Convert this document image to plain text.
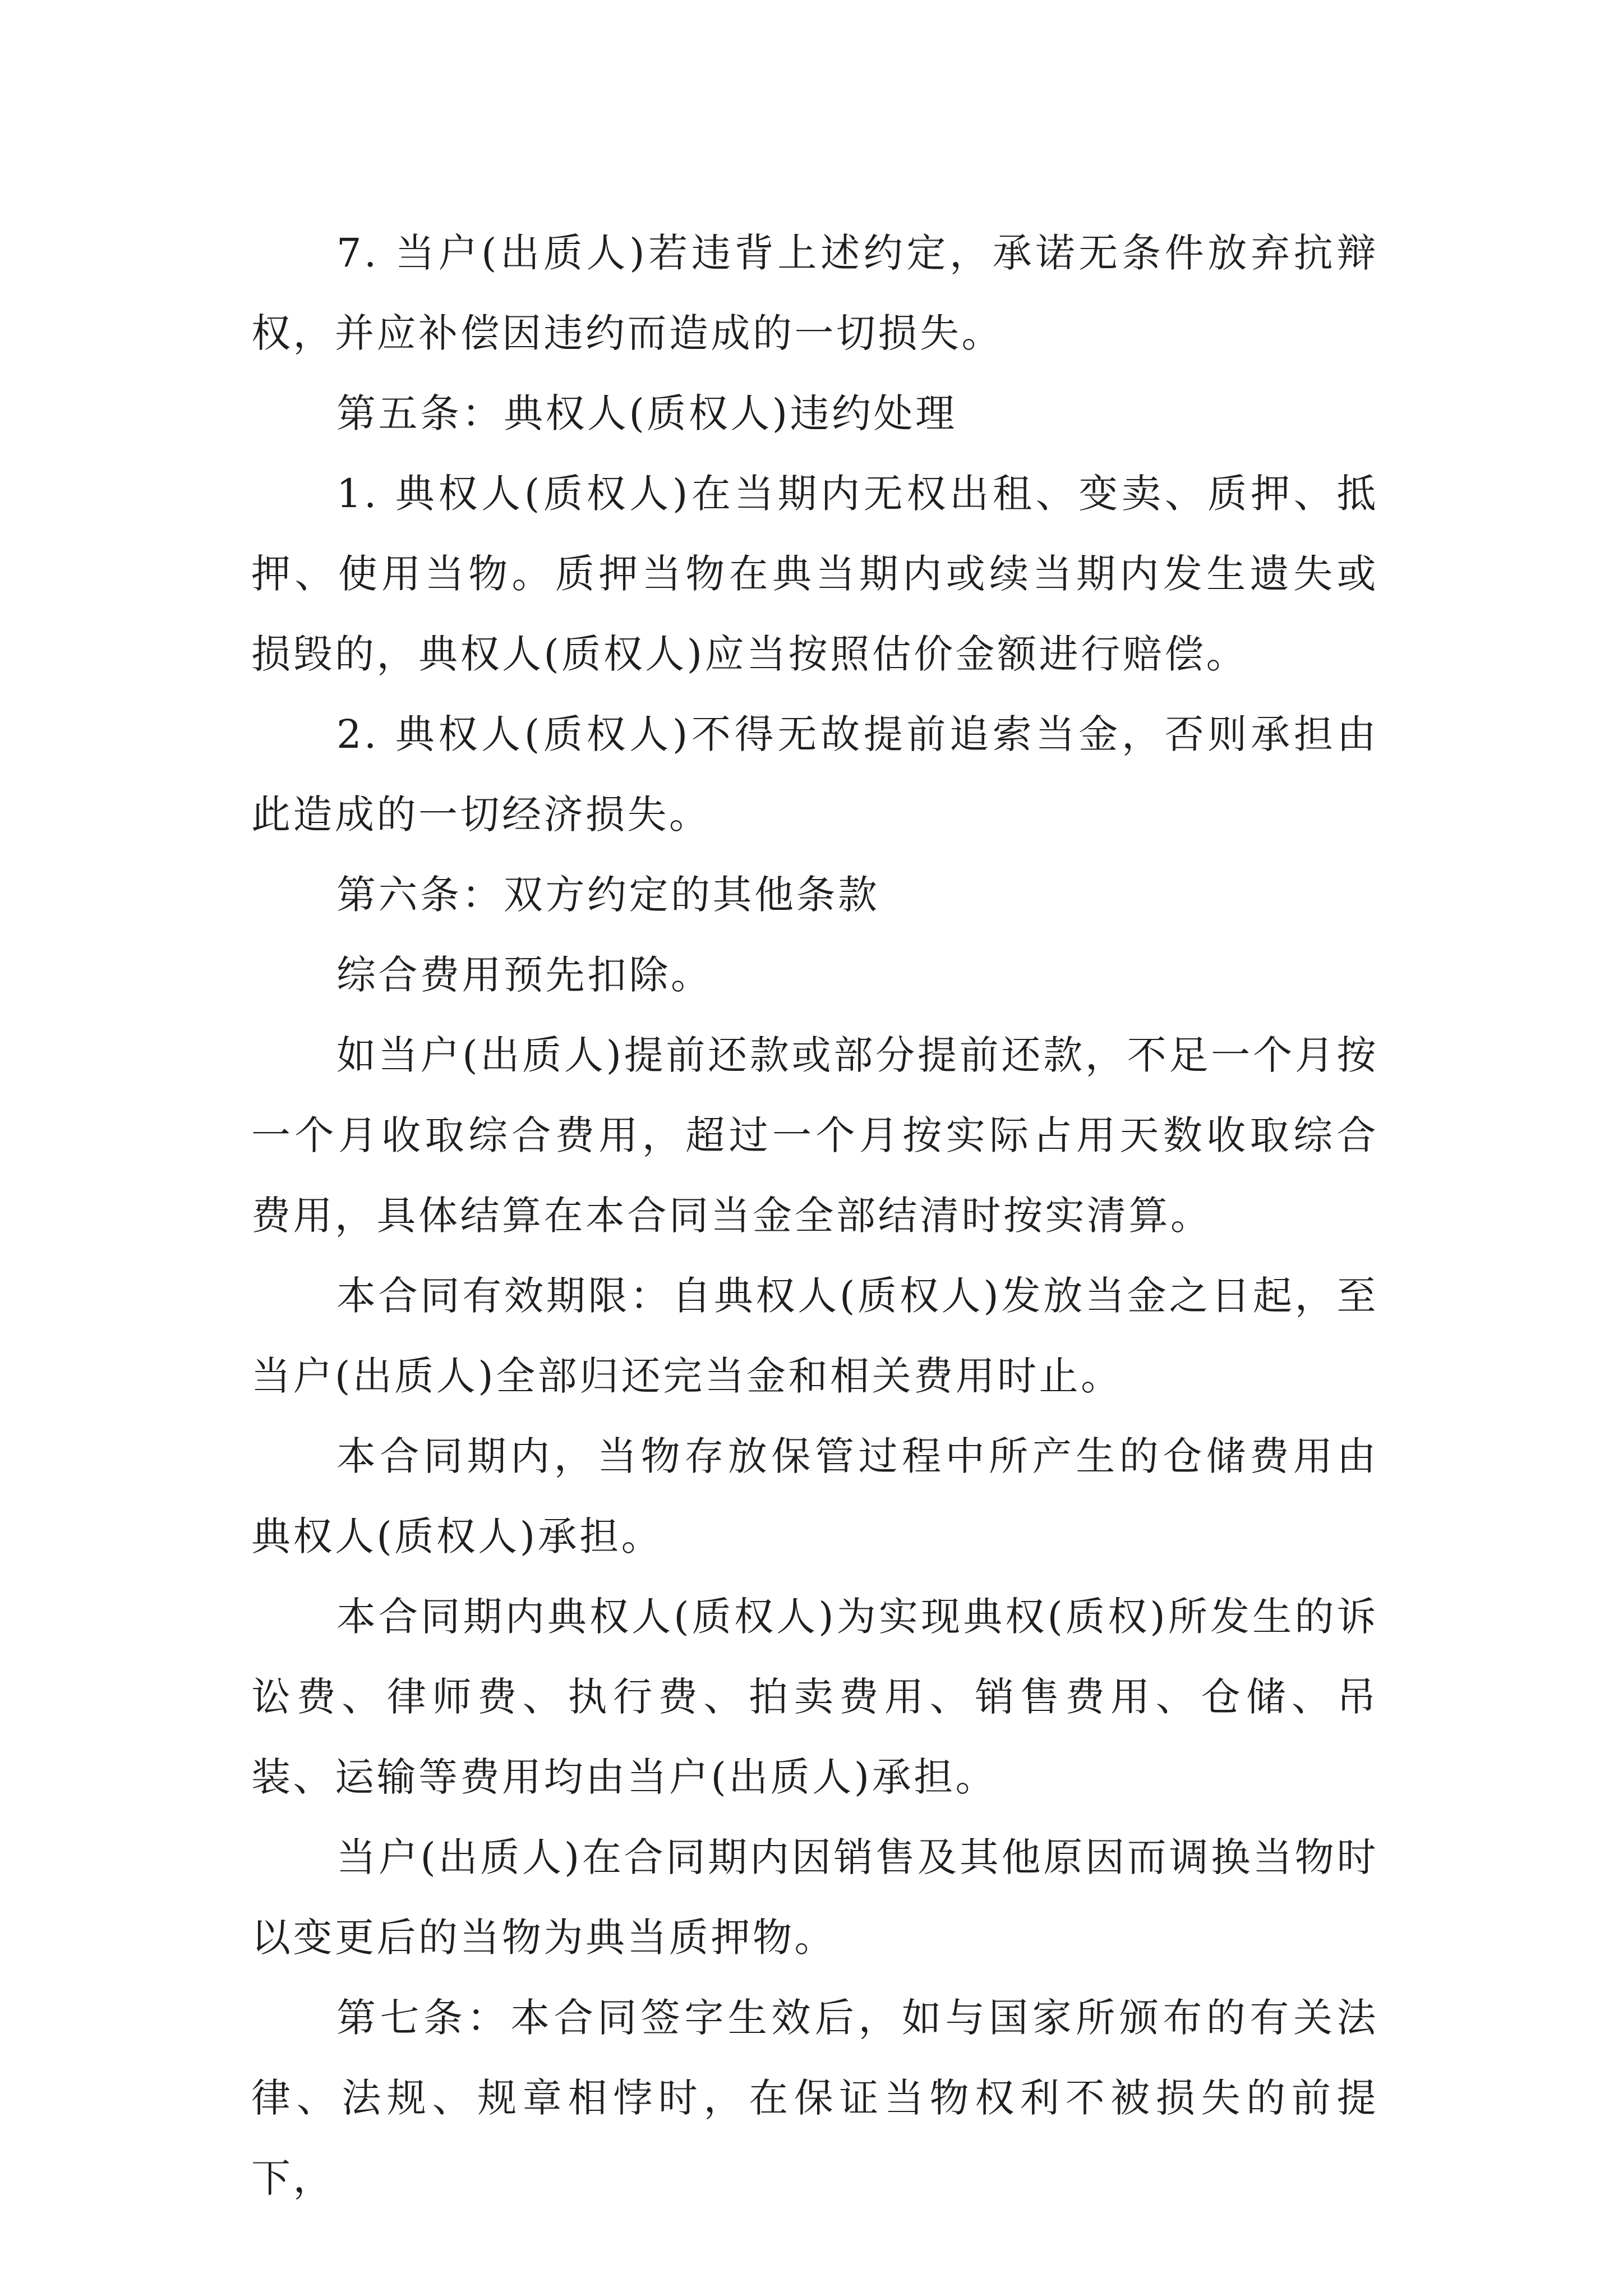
7. 当户(出质人)若违背上述约定，承诺无条件放弃抗辩权，并应补偿因违约而造成的一切损失。

第五条：典权人(质权人)违约处理

1. 典权人(质权人)在当期内无权出租、变卖、质押、抵押、使用当物。质押当物在典当期内或续当期内发生遗失或损毁的，典权人(质权人)应当按照估价金额进行赔偿。

2. 典权人(质权人)不得无故提前追索当金，否则承担由此造成的一切经济损失。

第六条：双方约定的其他条款

综合费用预先扣除。

如当户(出质人)提前还款或部分提前还款，不足一个月按一个月收取综合费用，超过一个月按实际占用天数收取综合费用，具体结算在本合同当金全部结清时按实清算。

本合同有效期限：自典权人(质权人)发放当金之日起，至当户(出质人)全部归还完当金和相关费用时止。

本合同期内，当物存放保管过程中所产生的仓储费用由典权人(质权人)承担。

本合同期内典权人(质权人)为实现典权(质权)所发生的诉讼费、律师费、执行费、拍卖费用、销售费用、仓储、吊装、运输等费用均由当户(出质人)承担。

当户(出质人)在合同期内因销售及其他原因而调换当物时以变更后的当物为典当质押物。

第七条：本合同签字生效后，如与国家所颁布的有关法律、法规、规章相悖时，在保证当物权利不被损失的前提下，
